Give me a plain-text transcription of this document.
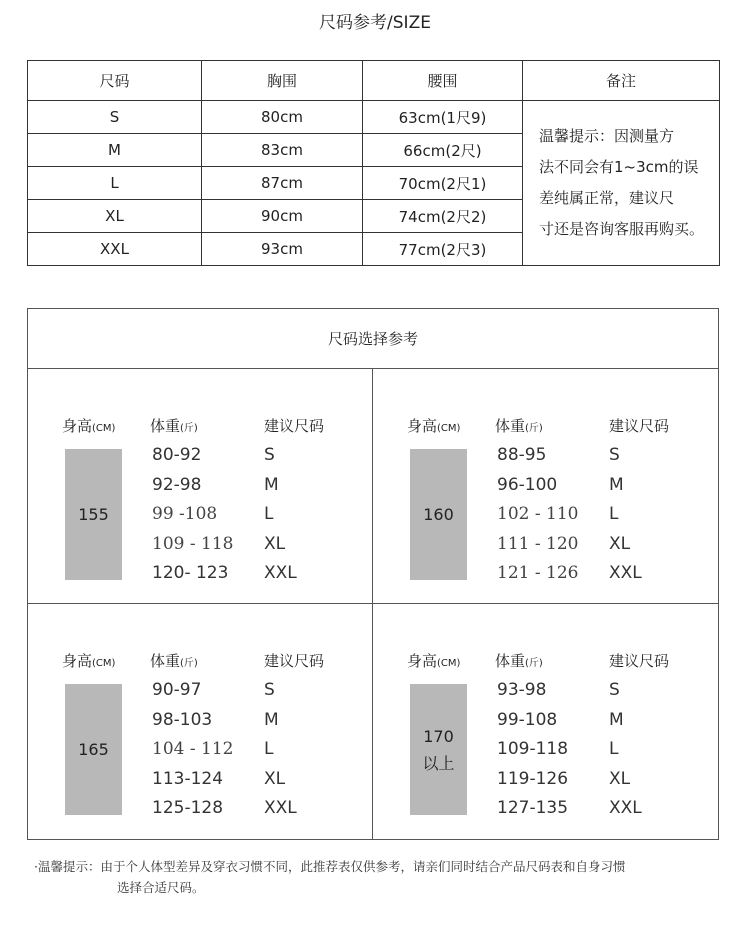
尺码参考/SIZE
尺码	胸围	腰围	备注
S	80cm	63cm(1尺9)	温馨提示：因测量方
法不同会有1~3cm的误
差纯属正常，建议尺
寸还是咨询客服再购买。

M	83cm	66cm(2尺)	
L	87cm	70cm(2尺1)	
XL	90cm	74cm(2尺2)	
XXL	93cm	77cm(2尺3)	
尺码选择参考
身高(CM) 体重(斤)	建议尺码
155
80-92	S
92-98	M
99 -108	L
109 - 118 XL
120- 123 XXL
身高(CM) 体重(斤)	建议尺码
160
88-95	S
96-100	M
102 - 110 L
111 - 120 XL
121 - 126 XXL
身高(CM) 体重(斤)	建议尺码
165
90-97	S
98-103	M
104 - 112 L
113-124 XL
125-128 XXL
身高(CM) 体重(斤)	建议尺码
170
以上
93-98	S
99-108	M
109-118 L
119-126 XL
127-135 XXL
·温馨提示：由于个人体型差异及穿衣习惯不同，此推荐表仅供参考，请亲们同时结合产品尺码表和自身习惯
选择合适尺码。
